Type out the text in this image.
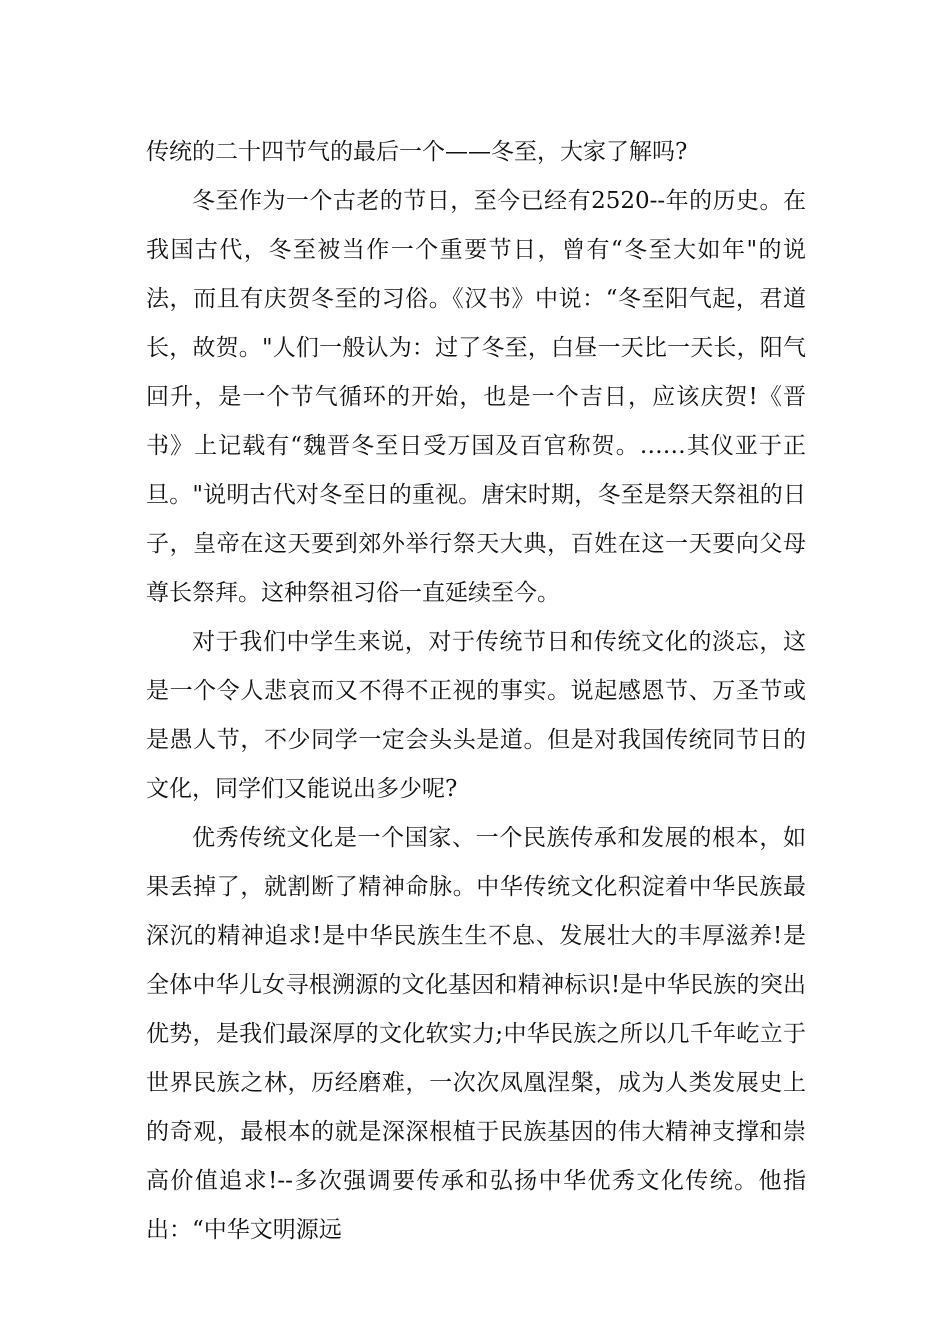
传统的二十四节气的最后一个——冬至，大家了解吗?

冬至作为一个古老的节日，至今已经有2520--年的历史。在我国古代，冬至被当作一个重要节日，曾有“冬至大如年"的说法，而且有庆贺冬至的习俗。《汉书》中说：“冬至阳气起，君道长，故贺。"人们一般认为：过了冬至，白昼一天比一天长，阳气回升，是一个节气循环的开始，也是一个吉日，应该庆贺!《晋书》上记载有“魏晋冬至日受万国及百官称贺。……其仪亚于正旦。"说明古代对冬至日的重视。唐宋时期，冬至是祭天祭祖的日子，皇帝在这天要到郊外举行祭天大典，百姓在这一天要向父母尊长祭拜。这种祭祖习俗一直延续至今。

对于我们中学生来说，对于传统节日和传统文化的淡忘，这是一个令人悲哀而又不得不正视的事实。说起感恩节、万圣节或是愚人节，不少同学一定会头头是道。但是对我国传统同节日的文化，同学们又能说出多少呢?

优秀传统文化是一个国家、一个民族传承和发展的根本，如果丢掉了，就割断了精神命脉。中华传统文化积淀着中华民族最深沉的精神追求!是中华民族生生不息、发展壮大的丰厚滋养!是全体中华儿女寻根溯源的文化基因和精神标识!是中华民族的突出优势，是我们最深厚的文化软实力;中华民族之所以几千年屹立于世界民族之林，历经磨难，一次次凤凰涅槃，成为人类发展史上的奇观，最根本的就是深深根植于民族基因的伟大精神支撑和崇高价值追求!--多次强调要传承和弘扬中华优秀文化传统。他指出：“中华文明源远
